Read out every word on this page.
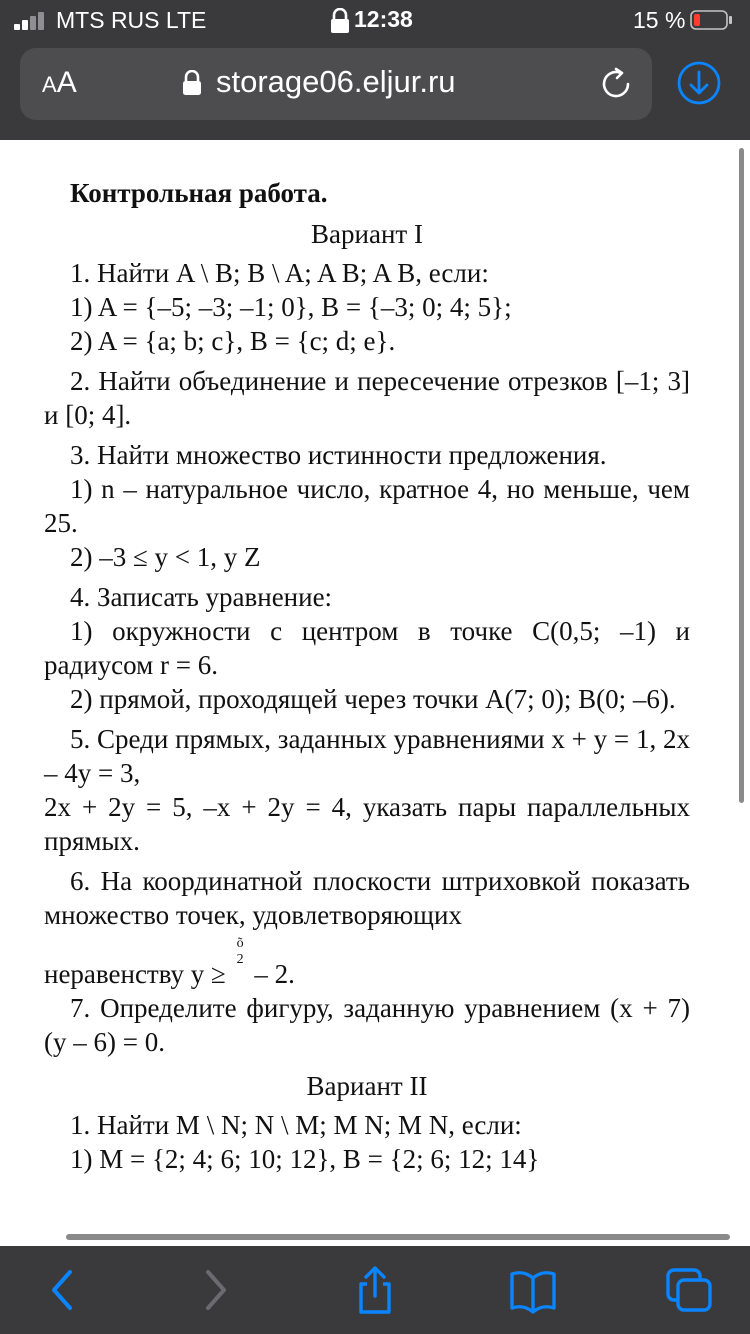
MTS RUS LTE	12:38	15 %
AA	storage06.eljur.ru
Контрольная работа.
Вариант I
1. Найти A \ B; B \ A; A B; A B, если:
1) A = {–5; –3; –1; 0}, B = {–3; 0; 4; 5};
2) A = {a; b; c}, B = {c; d; e}.
2. Найти объединение и пересечение отрезков [–1; 3] и [0; 4].
3. Найти множество истинности предложения.
1) n – натуральное число, кратное 4, но меньше, чем 25.
2) –3 ≤ y < 1, y Z
4. Записать уравнение:
1) окружности с центром в точке C(0,5; –1) и радиусом r = 6.
2) прямой, проходящей через точки A(7; 0); B(0; –6).
5. Среди прямых, заданных уравнениями x + y = 1, 2x – 4y = 3,
2x + 2y = 5, –x + 2y = 4, указать пары параллельных прямых.
6. На координатной плоскости штриховкой показать множество точек, удовлетворяющих
неравенству y ≥ õ
2 – 2.
7. Определите фигуру, заданную уравнением (x + 7) (y – 6) = 0.
Вариант II
1. Найти M \ N; N \ M; M N; M N, если:
1) M = {2; 4; 6; 10; 12}, B = {2; 6; 12; 14}
